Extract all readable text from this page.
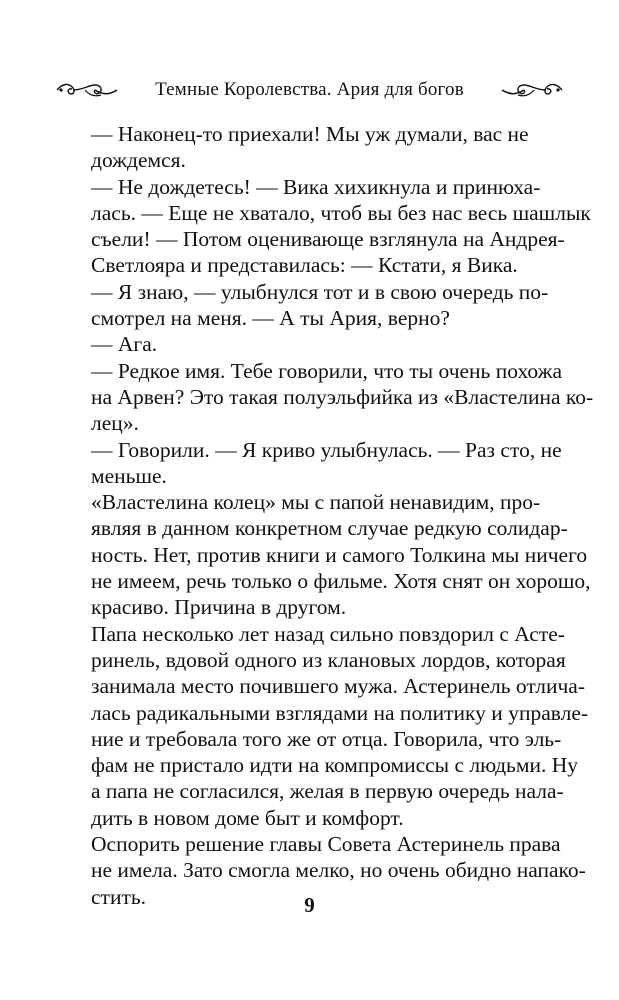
Темные Королевства. Ария для богов
— Наконец-то приехали! Мы уж думали, вас не
дождемся.
— Не дождетесь! — Вика хихикнула и принюха-
лась. — Еще не хватало, чтоб вы без нас весь шашлык
съели! — Потом оценивающе взглянула на Андрея-
Светлояра и представилась: — Кстати, я Вика.
— Я знаю, — улыбнулся тот и в свою очередь по-
смотрел на меня. — А ты Ария, верно?
— Ага.
— Редкое имя. Тебе говорили, что ты очень похожа
на Арвен? Это такая полуэльфийка из «Властелина ко-
лец».
— Говорили. — Я криво улыбнулась. — Раз сто, не
меньше.
«Властелина колец» мы с папой ненавидим, про-
являя в данном конкретном случае редкую солидар-
ность. Нет, против книги и самого Толкина мы ничего
не имеем, речь только о фильме. Хотя снят он хорошо,
красиво. Причина в другом.
Папа несколько лет назад сильно повздорил с Асте-
ринель, вдовой одного из клановых лордов, которая
занимала место почившего мужа. Астеринель отлича-
лась радикальными взглядами на политику и управле-
ние и требовала того же от отца. Говорила, что эль-
фам не пристало идти на компромиссы с людьми. Ну
а папа не согласился, желая в первую очередь нала-
дить в новом доме быт и комфорт.
Оспорить решение главы Совета Астеринель права
не имела. Зато смогла мелко, но очень обидно напако-
стить.	9
